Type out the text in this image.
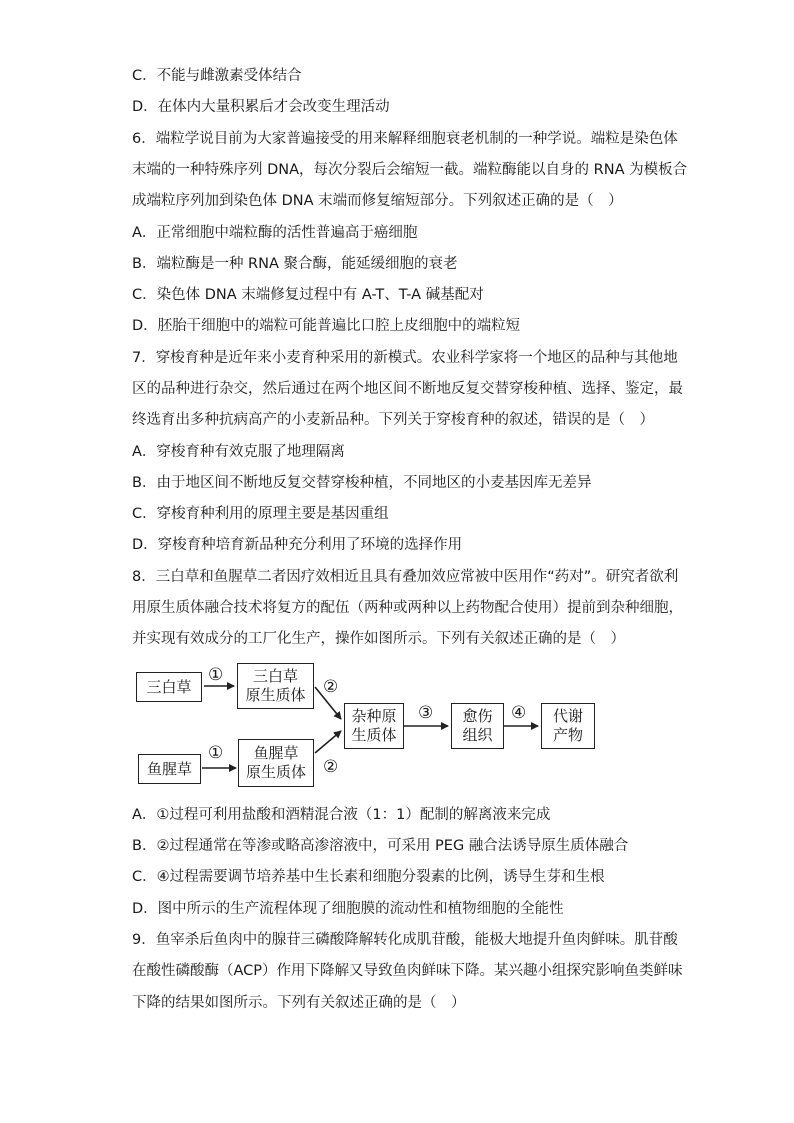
C．不能与雌激素受体结合
D．在体内大量积累后才会改变生理活动
6．端粒学说目前为大家普遍接受的用来解释细胞衰老机制的一种学说。端粒是染色体
末端的一种特殊序列 DNA，每次分裂后会缩短一截。端粒酶能以自身的 RNA 为模板合
成端粒序列加到染色体 DNA 末端而修复缩短部分。下列叙述正确的是（　）
A．正常细胞中端粒酶的活性普遍高于癌细胞
B．端粒酶是一种 RNA 聚合酶，能延缓细胞的衰老
C．染色体 DNA 末端修复过程中有 A-T、T-A 碱基配对
D．胚胎干细胞中的端粒可能普遍比口腔上皮细胞中的端粒短
7．穿梭育种是近年来小麦育种采用的新模式。农业科学家将一个地区的品种与其他地
区的品种进行杂交，然后通过在两个地区间不断地反复交替穿梭种植、选择、鉴定，最
终选育出多种抗病高产的小麦新品种。下列关于穿梭育种的叙述，错误的是（　）
A．穿梭育种有效克服了地理隔离
B．由于地区间不断地反复交替穿梭种植，不同地区的小麦基因库无差异
C．穿梭育种利用的原理主要是基因重组
D．穿梭育种培育新品种充分利用了环境的选择作用
8．三白草和鱼腥草二者因疗效相近且具有叠加效应常被中医用作“药对”。研究者欲利
用原生质体融合技术将复方的配伍（两种或两种以上药物配合使用）提前到杂种细胞，
并实现有效成分的工厂化生产，操作如图所示。下列有关叙述正确的是（　）
三白草
三白草
原生质体
鱼腥草
鱼腥草
原生质体
杂种原
生质体
愈伤
组织
代谢
产物
①
①
②
②
③	④
A．①过程可利用盐酸和酒精混合液（1：1）配制的解离液来完成
B．②过程通常在等渗或略高渗溶液中，可采用 PEG 融合法诱导原生质体融合
C．④过程需要调节培养基中生长素和细胞分裂素的比例，诱导生芽和生根
D．图中所示的生产流程体现了细胞膜的流动性和植物细胞的全能性
9．鱼宰杀后鱼肉中的腺苷三磷酸降解转化成肌苷酸，能极大地提升鱼肉鲜味。肌苷酸
在酸性磷酸酶（ACP）作用下降解又导致鱼肉鲜味下降。某兴趣小组探究影响鱼类鲜味
下降的结果如图所示。下列有关叙述正确的是（　）
